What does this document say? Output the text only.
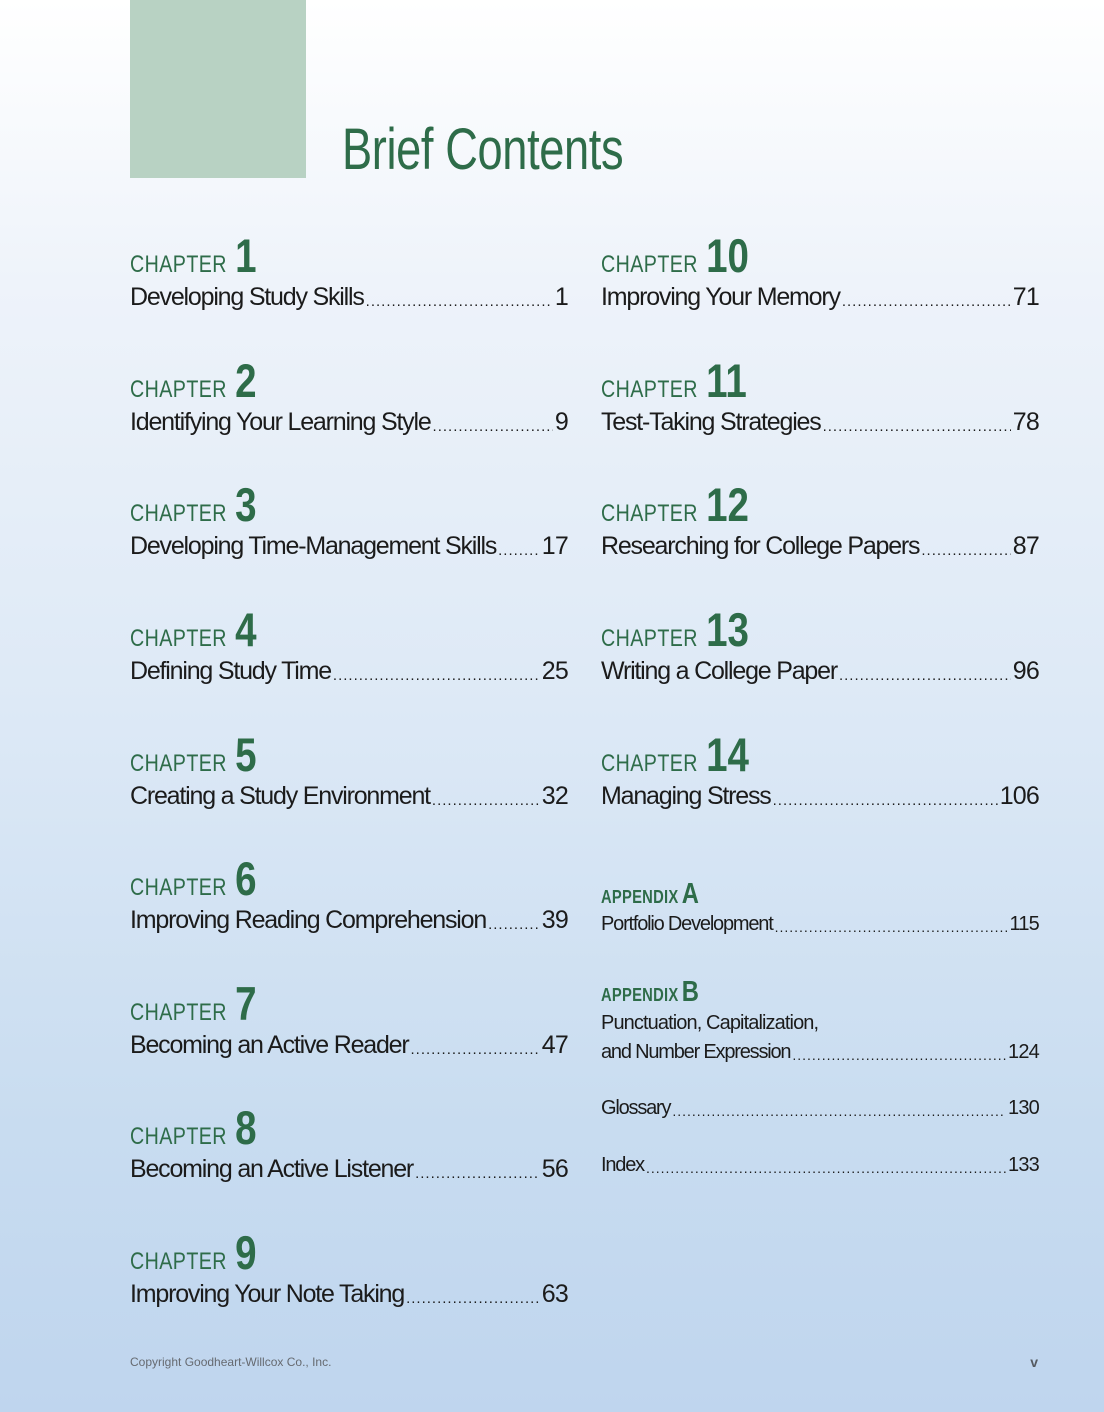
Brief Contents
CHAPTER 1
Developing Study Skills .....	1
CHAPTER 2
Identifying Your Learning Style .....	9
CHAPTER 3
Developing Time-Management Skills ..... 17
CHAPTER 4
Defining Study Time .....	25
CHAPTER 5
Creating a Study Environment .....	32
CHAPTER 6
Improving Reading Comprehension ..... 39
CHAPTER 7
Becoming an Active Reader .....	47
CHAPTER 8
Becoming an Active Listener .....	56
CHAPTER 9
Improving Your Note Taking .....	63
CHAPTER 10
Improving Your Memory .....	71
CHAPTER 11
Test-Taking Strategies .....	78
CHAPTER 12
Researching for College Papers .....	87
CHAPTER 13
Writing a College Paper .....	96
CHAPTER 14
Managing Stress .....	106
APPENDIX A
Portfolio Development .....	115
APPENDIX B
Punctuation, Capitalization,
and Number Expression .....	124
Glossary .....	130
Index .....	133
Copyright Goodheart-Willcox Co., Inc.	v
